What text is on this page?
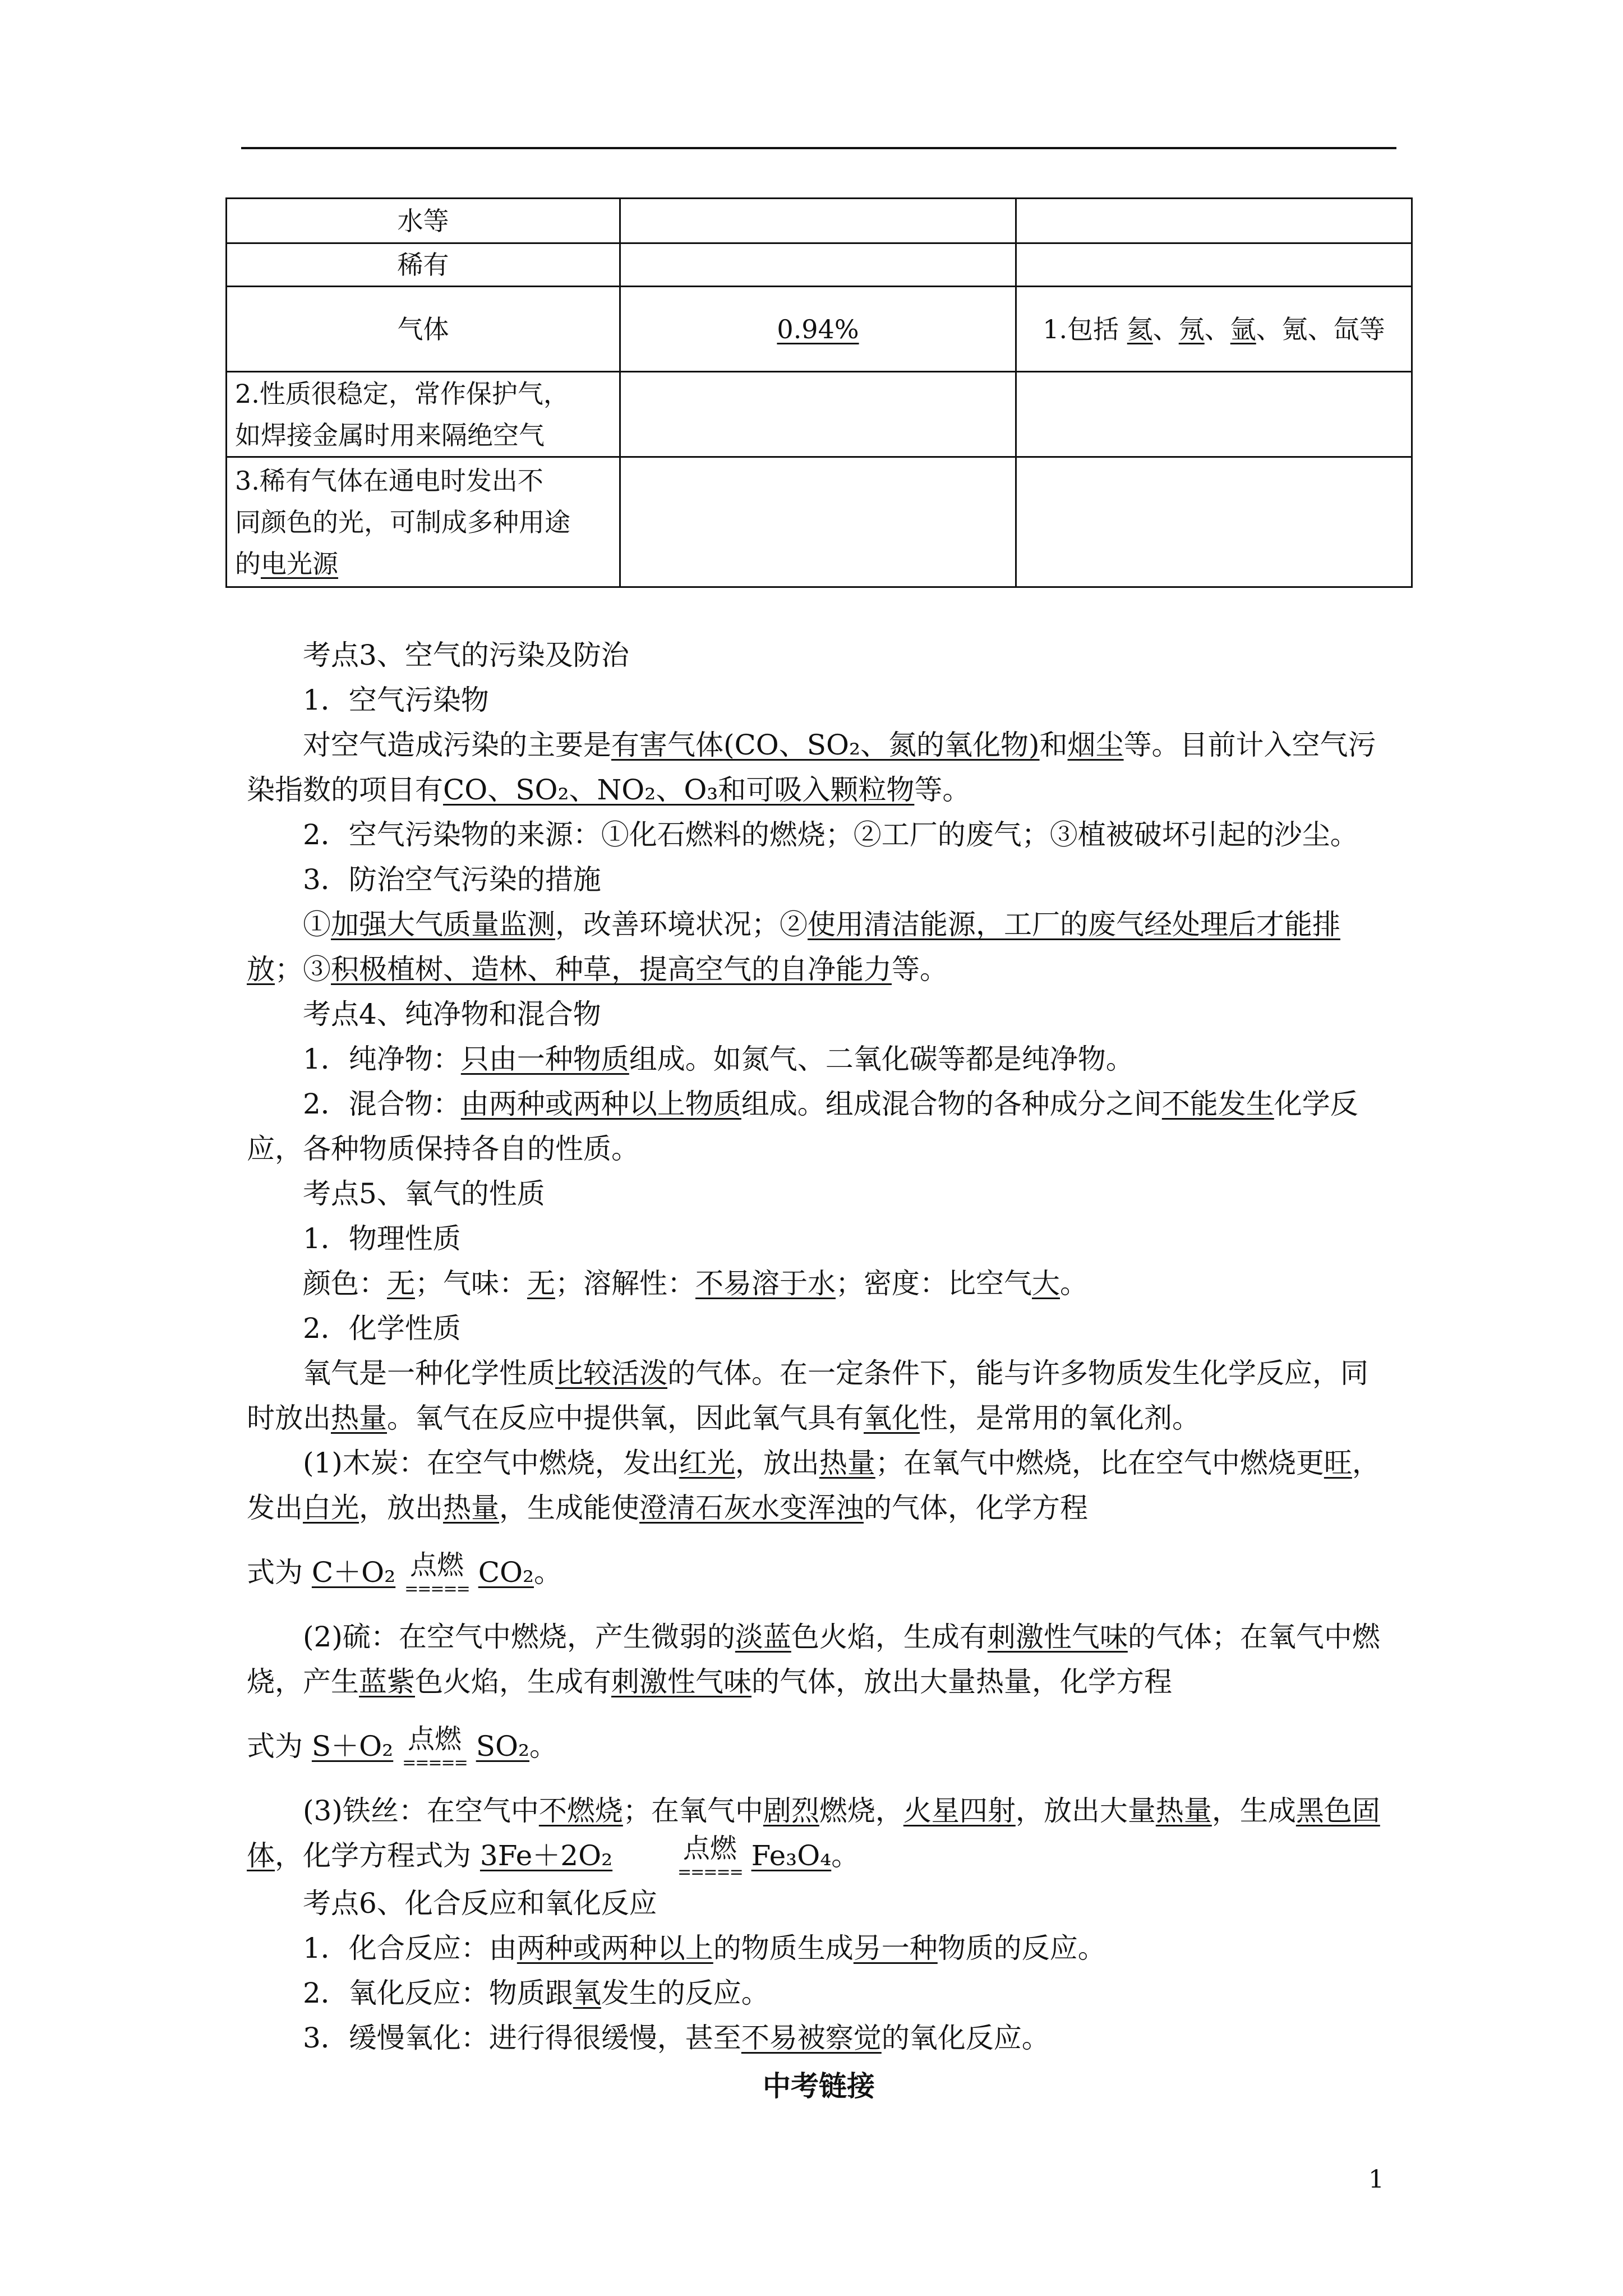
水等		
稀有		
气体	0.94%	1.包括 氦、氖、氩、氪、氙等

2.性质很稳定，常作保护气，
如焊接金属时用来隔绝空气		

3.稀有气体在通电时发出不
同颜色的光，可制成多种用途
的电光源		

考点3、空气的污染及防治

1．空气污染物

对空气造成污染的主要是有害气体(CO、SO₂、氮的氧化物)和烟尘等。目前计入空气污染指数的项目有CO、SO₂、NO₂、O₃和可吸入颗粒物等。

2．空气污染物的来源：①化石燃料的燃烧；②工厂的废气；③植被破坏引起的沙尘。

3．防治空气污染的措施

①加强大气质量监测，改善环境状况；②使用清洁能源，工厂的废气经处理后才能排放；③积极植树、造林、种草，提高空气的自净能力等。

考点4、纯净物和混合物

1．纯净物：只由一种物质组成。如氮气、二氧化碳等都是纯净物。

2．混合物：由两种或两种以上物质组成。组成混合物的各种成分之间不能发生化学反应，各种物质保持各自的性质。

考点5、氧气的性质

1．物理性质

颜色：无；气味：无；溶解性：不易溶于水；密度：比空气大。

2．化学性质

氧气是一种化学性质比较活泼的气体。在一定条件下，能与许多物质发生化学反应，同时放出热量。氧气在反应中提供氧，因此氧气具有氧化性，是常用的氧化剂。

(1)木炭：在空气中燃烧，发出红光，放出热量；在氧气中燃烧，比在空气中燃烧更旺，发出白光，放出热量，生成能使澄清石灰水变浑浊的气体，化学方程

式为 C＋O₂ 点燃
=====
CO₂。

(2)硫：在空气中燃烧，产生微弱的淡蓝色火焰，生成有刺激性气味的气体；在氧气中燃烧，产生蓝紫色火焰，生成有刺激性气味的气体，放出大量热量，化学方程

式为 S＋O₂ 点燃
=====
SO₂。

(3)铁丝：在空气中不燃烧；在氧气中剧烈燃烧，火星四射，放出大量热量，生成黑色固体，化学方程式为 3Fe＋2O₂	点燃
=====
Fe₃O₄。

考点6、化合反应和氧化反应

1．化合反应：由两种或两种以上的物质生成另一种物质的反应。

2．氧化反应：物质跟氧发生的反应。

3．缓慢氧化：进行得很缓慢，甚至不易被察觉的氧化反应。

中考链接

1
